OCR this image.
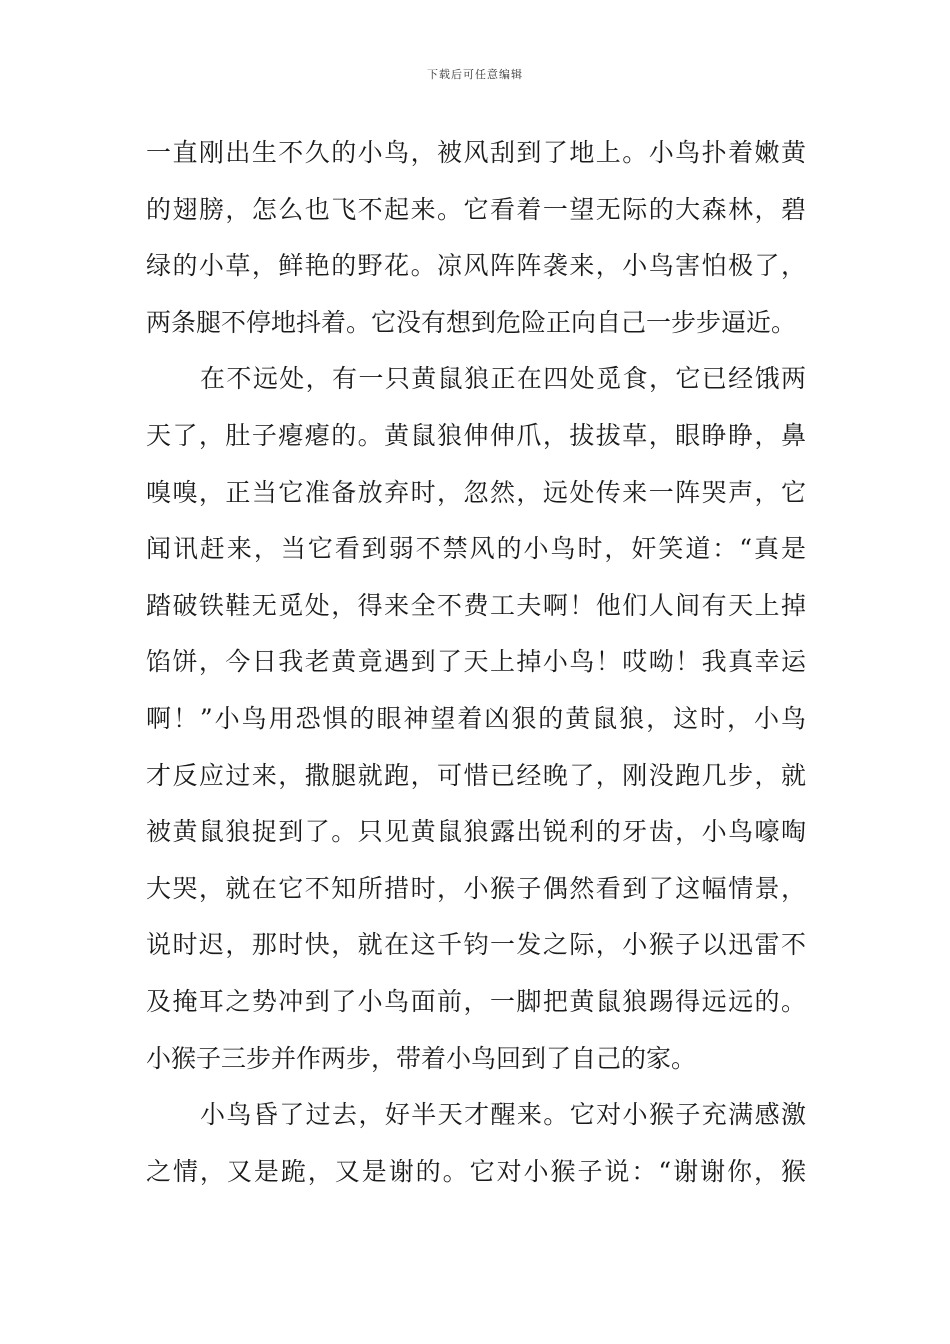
下载后可任意编辑
一直刚出生不久的小鸟，被风刮到了地上。小鸟扑着嫩黄
的翅膀，怎么也飞不起来。它看着一望无际的大森林，碧
绿的小草，鲜艳的野花。凉风阵阵袭来，小鸟害怕极了，
两条腿不停地抖着。它没有想到危险正向自己一步步逼近。
在不远处，有一只黄鼠狼正在四处觅食，它已经饿两
天了，肚子瘪瘪的。黄鼠狼伸伸爪，拔拔草，眼睁睁，鼻
嗅嗅，正当它准备放弃时，忽然，远处传来一阵哭声，它
闻讯赶来，当它看到弱不禁风的小鸟时，奸笑道：“真是
踏破铁鞋无觅处，得来全不费工夫啊！他们人间有天上掉
馅饼，今日我老黄竟遇到了天上掉小鸟！哎呦！我真幸运
啊！”小鸟用恐惧的眼神望着凶狠的黄鼠狼，这时，小鸟
才反应过来，撒腿就跑，可惜已经晚了，刚没跑几步，就
被黄鼠狼捉到了。只见黄鼠狼露出锐利的牙齿，小鸟嚎啕
大哭，就在它不知所措时，小猴子偶然看到了这幅情景，
说时迟，那时快，就在这千钧一发之际，小猴子以迅雷不
及掩耳之势冲到了小鸟面前，一脚把黄鼠狼踢得远远的。
小猴子三步并作两步，带着小鸟回到了自己的家。
小鸟昏了过去，好半天才醒来。它对小猴子充满感激
之情，又是跪，又是谢的。它对小猴子说：“谢谢你，猴
